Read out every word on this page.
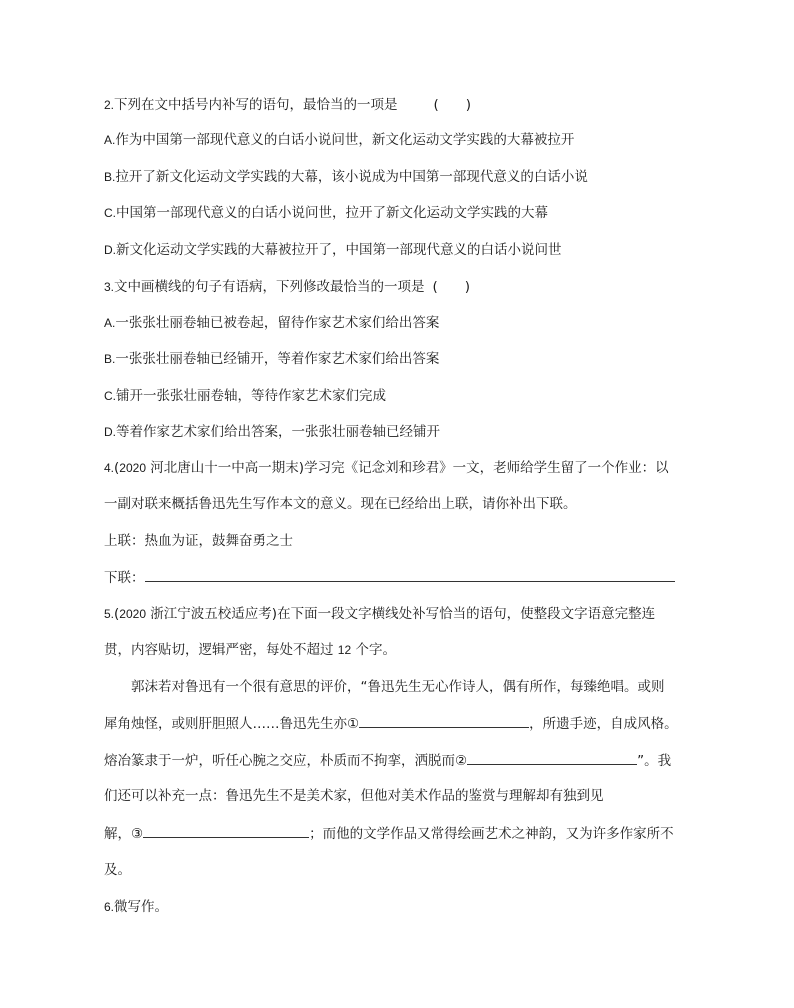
2.下列在文中括号内补写的语句，最恰当的一项是	(　　)
A.作为中国第一部现代意义的白话小说问世，新文化运动文学实践的大幕被拉开
B.拉开了新文化运动文学实践的大幕，该小说成为中国第一部现代意义的白话小说
C.中国第一部现代意义的白话小说问世，拉开了新文化运动文学实践的大幕
D.新文化运动文学实践的大幕被拉开了，中国第一部现代意义的白话小说问世
3.文中画横线的句子有语病，下列修改最恰当的一项是 (　　)
A.一张张壮丽卷轴已被卷起，留待作家艺术家们给出答案
B.一张张壮丽卷轴已经铺开，等着作家艺术家们给出答案
C.铺开一张张壮丽卷轴，等待作家艺术家们完成
D.等着作家艺术家们给出答案，一张张壮丽卷轴已经铺开
4.(2020 河北唐山十一中高一期末)学习完《记念刘和珍君》一文，老师给学生留了一个作业：以
一副对联来概括鲁迅先生写作本文的意义。现在已经给出上联，请你补出下联。
上联：热血为证，鼓舞奋勇之士
下联：
5.(2020 浙江宁波五校适应考)在下面一段文字横线处补写恰当的语句，使整段文字语意完整连
贯，内容贴切，逻辑严密，每处不超过 12 个字。
郭沫若对鲁迅有一个很有意思的评价，“鲁迅先生无心作诗人，偶有所作，每臻绝唱。或则
犀角烛怪，或则肝胆照人……鲁迅先生亦①	，所遗手迹，自成风格。
熔冶篆隶于一炉，听任心腕之交应，朴质而不拘挛，洒脱而②	”。我
们还可以补充一点：鲁迅先生不是美术家，但他对美术作品的鉴赏与理解却有独到见
解，③	；而他的文学作品又常得绘画艺术之神韵，又为许多作家所不
及。
6.微写作。
